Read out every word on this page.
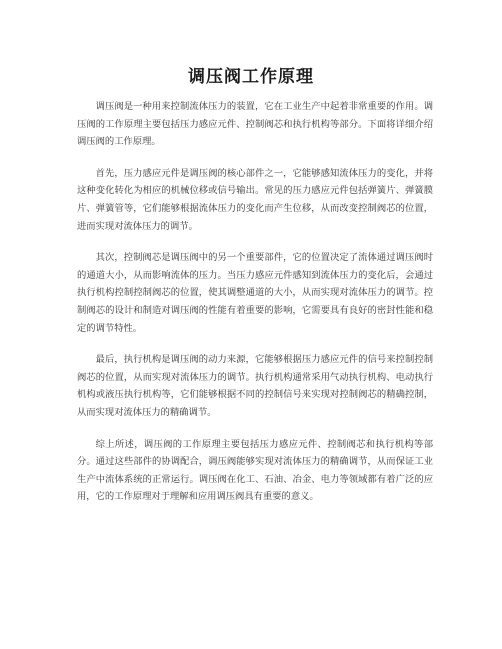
调压阀工作原理

调压阀是一种用来控制流体压力的装置，它在工业生产中起着非常重要的作用。调压阀的工作原理主要包括压力感应元件、控制阀芯和执行机构等部分。下面将详细介绍调压阀的工作原理。

首先，压力感应元件是调压阀的核心部件之一，它能够感知流体压力的变化，并将这种变化转化为相应的机械位移或信号输出。常见的压力感应元件包括弹簧片、弹簧膜片、弹簧管等，它们能够根据流体压力的变化而产生位移，从而改变控制阀芯的位置，进而实现对流体压力的调节。

其次，控制阀芯是调压阀中的另一个重要部件，它的位置决定了流体通过调压阀时的通道大小，从而影响流体的压力。当压力感应元件感知到流体压力的变化后，会通过执行机构控制控制阀芯的位置，使其调整通道的大小，从而实现对流体压力的调节。控制阀芯的设计和制造对调压阀的性能有着重要的影响，它需要具有良好的密封性能和稳定的调节特性。

最后，执行机构是调压阀的动力来源，它能够根据压力感应元件的信号来控制控制阀芯的位置，从而实现对流体压力的调节。执行机构通常采用气动执行机构、电动执行机构或液压执行机构等，它们能够根据不同的控制信号来实现对控制阀芯的精确控制，从而实现对流体压力的精确调节。

综上所述，调压阀的工作原理主要包括压力感应元件、控制阀芯和执行机构等部分。通过这些部件的协调配合，调压阀能够实现对流体压力的精确调节，从而保证工业生产中流体系统的正常运行。调压阀在化工、石油、冶金、电力等领域都有着广泛的应用，它的工作原理对于理解和应用调压阀具有重要的意义。
